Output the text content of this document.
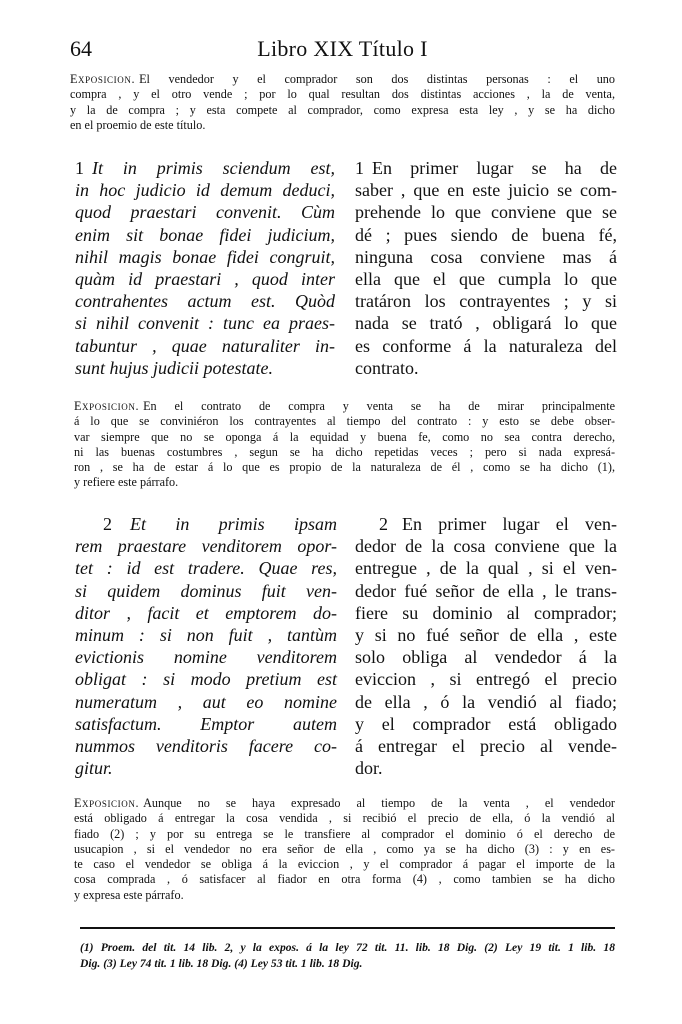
64	Libro XIX Título I
Exposicion. El vendedor y el comprador son dos distintas personas : el uno
compra , y el otro vende ; por lo qual resultan dos distintas acciones , la de venta,
y la de compra ; y esta compete al comprador, como expresa esta ley , y se ha dicho
en el proemio de este título.
1 It in primis sciendum est,
in hoc judicio id demum deduci,
quod praestari convenit. Cùm
enim sit bonae fidei judicium,
nihil magis bonae fidei congruit,
quàm id praestari , quod inter
contrahentes actum est. Quòd
si nihil convenit : tunc ea praes-
tabuntur , quae naturaliter in-
sunt hujus judicii potestate.
1 En primer lugar se ha de
saber , que en este juicio se com-
prehende lo que conviene que se
dé ; pues siendo de buena fé,
ninguna cosa conviene mas á
ella que el que cumpla lo que
tratáron los contrayentes ; y si
nada se trató , obligará lo que
es conforme á la naturaleza del
contrato.
Exposicion. En el contrato de compra y venta se ha de mirar principalmente
á lo que se conviniéron los contrayentes al tiempo del contrato : y esto se debe obser-
var siempre que no se oponga á la equidad y buena fe, como no sea contra derecho,
ni las buenas costumbres , segun se ha dicho repetidas veces ; pero si nada expresá-
ron , se ha de estar á lo que es propio de la naturaleza de él , como se ha dicho (1),
y refiere este párrafo.
2 Et in primis ipsam
rem praestare venditorem opor-
tet : id est tradere. Quae res,
si quidem dominus fuit ven-
ditor , facit et emptorem do-
minum : si non fuit , tantùm
evictionis nomine venditorem
obligat : si modo pretium est
numeratum , aut eo nomine
satisfactum. Emptor autem
nummos venditoris facere co-
gitur.
2 En primer lugar el ven-
dedor de la cosa conviene que la
entregue , de la qual , si el ven-
dedor fué señor de ella , le trans-
fiere su dominio al comprador;
y si no fué señor de ella , este
solo obliga al vendedor á la
eviccion , si entregó el precio
de ella , ó la vendió al fiado;
y el comprador está obligado
á entregar el precio al vende-
dor.
Exposicion. Aunque no se haya expresado al tiempo de la venta , el vendedor
está obligado á entregar la cosa vendida , si recibió el precio de ella, ó la vendió al
fiado (2) ; y por su entrega se le transfiere al comprador el dominio ó el derecho de
usucapion , si el vendedor no era señor de ella , como ya se ha dicho (3) : y en es-
te caso el vendedor se obliga á la eviccion , y el comprador á pagar el importe de la
cosa comprada , ó satisfacer al fiador en otra forma (4) , como tambien se ha dicho
y expresa este párrafo.
(1) Proem. del tit. 14 lib. 2, y la expos. á la ley 72 tit. 11. lib. 18 Dig. (2) Ley 19 tit. 1 lib. 18
Dig. (3) Ley 74 tit. 1 lib. 18 Dig. (4) Ley 53 tit. 1 lib. 18 Dig.
